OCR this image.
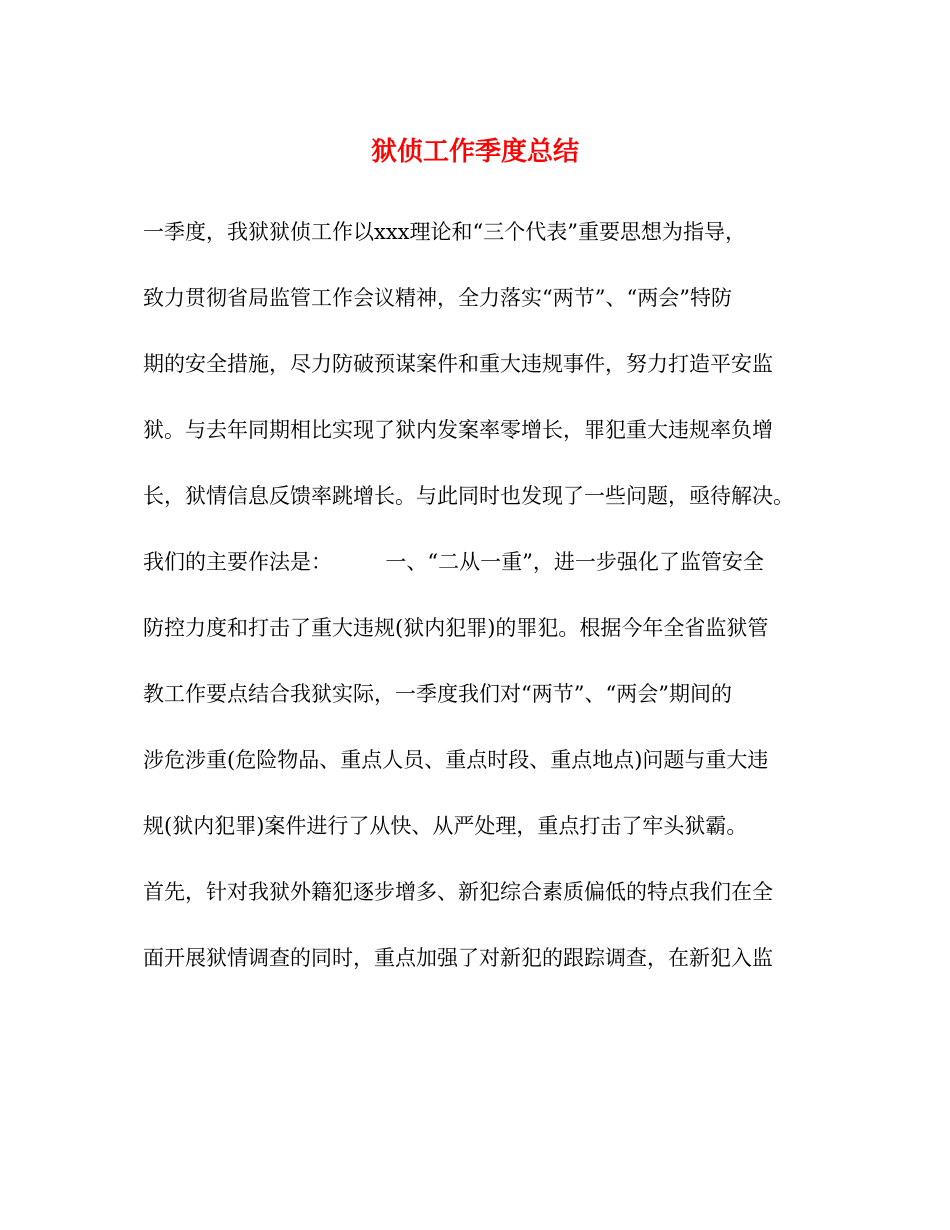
狱侦工作季度总结
一季度，我狱狱侦工作以xxx理论和“三个代表”重要思想为指导，
致力贯彻省局监管工作会议精神，全力落实“两节”、“两会”特防
期的安全措施，尽力防破预谋案件和重大违规事件，努力打造平安监
狱。与去年同期相比实现了狱内发案率零增长，罪犯重大违规率负增
长，狱情信息反馈率跳增长。与此同时也发现了一些问题，亟待解决。
我们的主要作法是：        一、“二从一重”，进一步强化了监管安全
防控力度和打击了重大违规(狱内犯罪)的罪犯。根据今年全省监狱管
教工作要点结合我狱实际，一季度我们对“两节”、“两会”期间的
涉危涉重(危险物品、重点人员、重点时段、重点地点)问题与重大违
规(狱内犯罪)案件进行了从快、从严处理，重点打击了牢头狱霸。
首先，针对我狱外籍犯逐步增多、新犯综合素质偏低的特点我们在全
面开展狱情调查的同时，重点加强了对新犯的跟踪调查，在新犯入监
